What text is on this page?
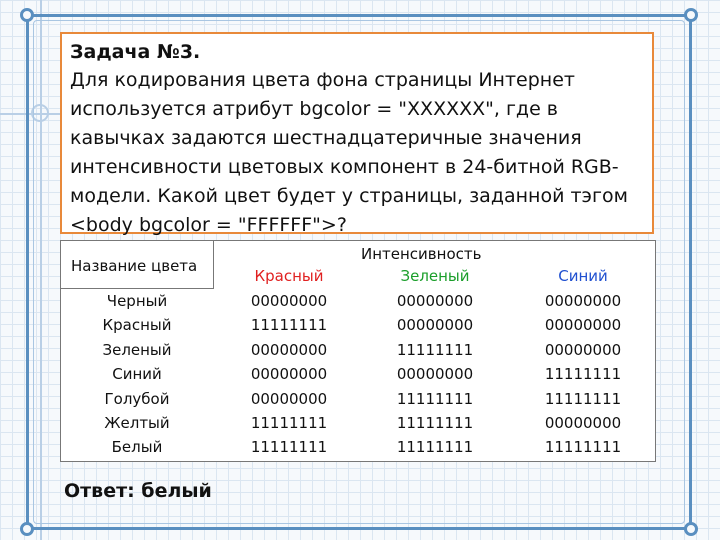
Задача №3.
Для кодирования цвета фона страницы Интернет используется атрибут bgcolor = "XXXXXX", где в кавычках задаются шестнадцатеричные значения интенсивности цветовых компонент в 24-битной RGB-модели. Какой цвет будет у страницы, заданной тэгом <body bgcolor = "FFFFFF">?
Название цвета
Интенсивность
Красный	Зеленый	Синий
Черный
Красный
Зеленый
Синий
Голубой
Желтый
Белый
00000000
11111111
00000000
00000000
00000000
11111111
11111111
00000000
00000000
11111111
00000000
11111111
11111111
11111111
00000000
00000000
00000000
11111111
11111111
00000000
11111111
Ответ: белый
